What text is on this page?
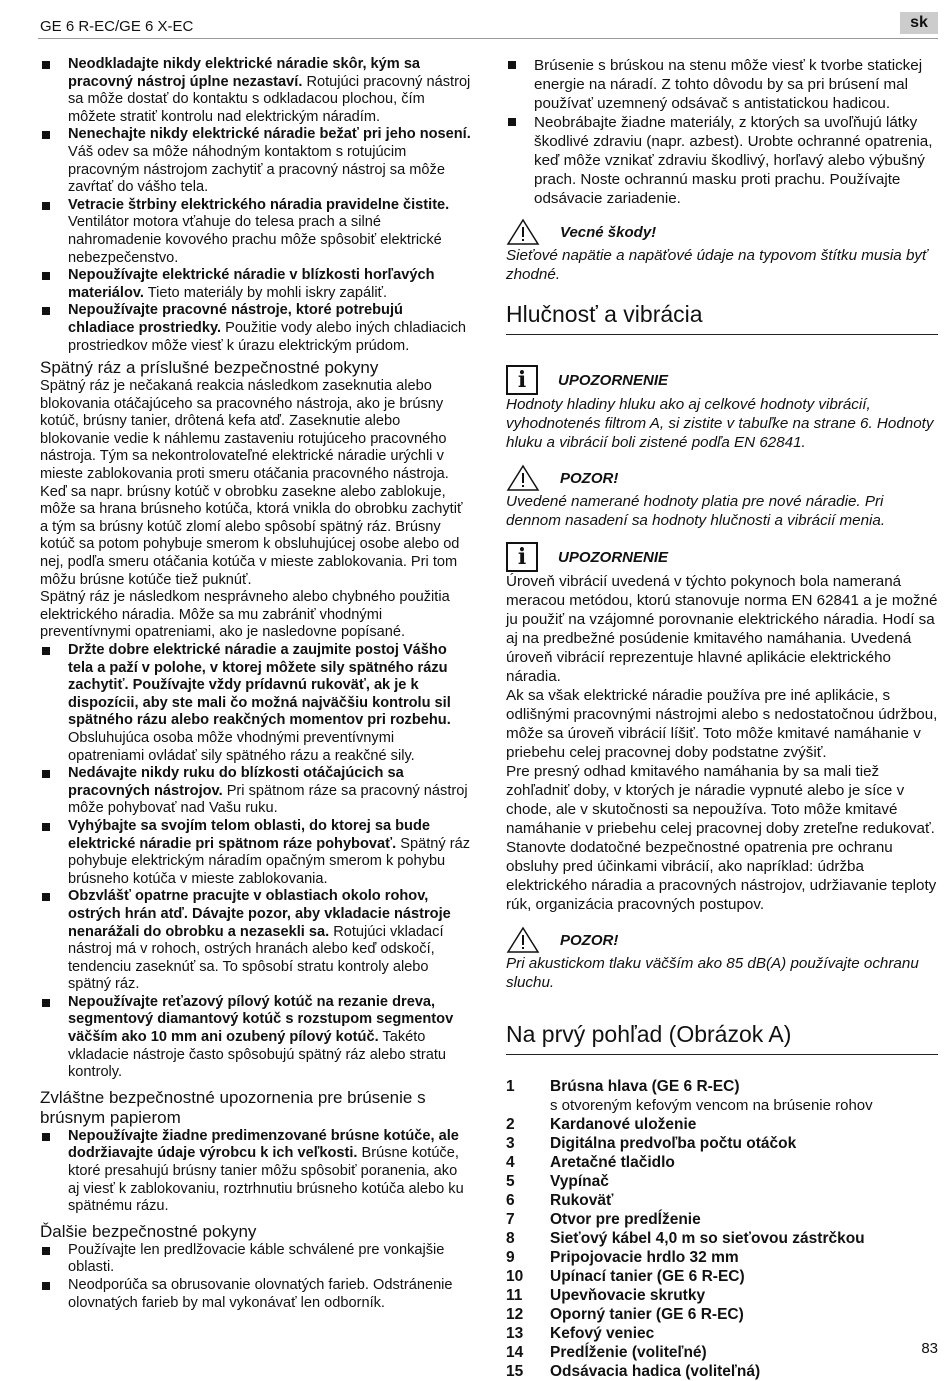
GE 6 R-EC/GE 6 X-EC	sk

Neodkladajte nikdy elektrické náradie skôr, kým sa pracovný nástroj úplne nezastaví. Rotujúci pracovný nástroj sa môže dostať do kontaktu s odkladacou plochou, čím môžete stratiť kontrolu nad elektrickým náradím.

Nenechajte nikdy elektrické náradie bežať pri jeho nosení. Váš odev sa môže náhodným kontaktom s rotujúcim pracovným nástrojom zachytiť a pracovný nástroj sa môže zavŕtať do vášho tela.

Vetracie štrbiny elektrického náradia pravidelne čistite. Ventilátor motora vťahuje do telesa prach a silné nahromadenie kovového prachu môže spôsobiť elektrické nebezpečenstvo.

Nepoužívajte elektrické náradie v blízkosti horľavých materiálov. Tieto materiály by mohli iskry zapáliť.

Nepoužívajte pracovné nástroje, ktoré potrebujú chladiace prostriedky. Použitie vody alebo iných chladiacich prostriedkov môže viesť k úrazu elektrickým prúdom.

Spätný ráz a príslušné bezpečnostné pokyny

Spätný ráz je nečakaná reakcia následkom zaseknutia alebo blokovania otáčajúceho sa pracovného nástroja, ako je brúsny kotúč, brúsny tanier, drôtená kefa atď. Zaseknutie alebo blokovanie vedie k náhlemu zastaveniu rotujúceho pracovného nástroja. Tým sa nekontrolovateľné elektrické náradie urýchli v mieste zablokovania proti smeru otáčania pracovného nástroja.

Keď sa napr. brúsny kotúč v obrobku zasekne alebo zablokuje, môže sa hrana brúsneho kotúča, ktorá vnikla do obrobku zachytiť a tým sa brúsny kotúč zlomí alebo spôsobí spätný ráz. Brúsny kotúč sa potom pohybuje smerom k obsluhujúcej osobe alebo od nej, podľa smeru otáčania kotúča v mieste zablokovania. Pri tom môžu brúsne kotúče tiež puknúť.

Spätný ráz je následkom nesprávneho alebo chybného použitia elektrického náradia. Môže sa mu zabrániť vhodnými preventívnymi opatreniami, ako je nasledovne popísané.

Držte dobre elektrické náradie a zaujmite postoj Vášho tela a paží v polohe, v ktorej môžete sily spätného rázu zachytiť. Používajte vždy prídavnú rukoväť, ak je k dispozícii, aby ste mali čo možná najväčšiu kontrolu sil spätného rázu alebo reakčných momentov pri rozbehu. Obsluhujúca osoba môže vhodnými preventívnymi opatreniami ovládať sily spätného rázu a reakčné sily.

Nedávajte nikdy ruku do blízkosti otáčajúcich sa pracovných nástrojov. Pri spätnom ráze sa pracovný nástroj môže pohybovať nad Vašu ruku.

Vyhýbajte sa svojím telom oblasti, do ktorej sa bude elektrické náradie pri spätnom ráze pohybovať. Spätný ráz pohybuje elektrickým náradím opačným smerom k pohybu brúsneho kotúča v mieste zablokovania.

Obzvlášť opatrne pracujte v oblastiach okolo rohov, ostrých hrán atď. Dávajte pozor, aby vkladacie nástroje nenarážali do obrobku a nezasekli sa. Rotujúci vkladací nástroj má v rohoch, ostrých hranách alebo keď odskočí, tendenciu zaseknúť sa. To spôsobí stratu kontroly alebo spätný ráz.

Nepoužívajte reťazový pílový kotúč na rezanie dreva, segmentový diamantový kotúč s rozstupom segmentov väčším ako 10 mm ani ozubený pílový kotúč. Takéto vkladacie nástroje často spôsobujú spätný ráz alebo stratu kontroly.

Zvláštne bezpečnostné upozornenia pre brúsenie s brúsnym papierom

Nepoužívajte žiadne predimenzované brúsne kotúče, ale dodržiavajte údaje výrobcu k ich veľkosti. Brúsne kotúče, ktoré presahujú brúsny tanier môžu spôsobiť poranenia, ako aj viesť k zablokovaniu, roztrhnutiu brúsneho kotúča alebo ku spätnému rázu.

Ďalšie bezpečnostné pokyny

Používajte len predlžovacie káble schválené pre vonkajšie oblasti.

Neodporúča sa obrusovanie olovnatých farieb. Odstránenie olovnatých farieb by mal vykonávať len odborník.

Brúsenie s brúskou na stenu môže viesť k tvorbe statickej energie na náradí. Z tohto dôvodu by sa pri brúsení mal používať uzemnený odsávač s antistatickou hadicou.

Neobrábajte žiadne materiály, z ktorých sa uvoľňujú látky škodlivé zdraviu (napr. azbest). Urobte ochranné opatrenia, keď môže vznikať zdraviu škodlivý, horľavý alebo výbušný prach. Noste ochrannú masku proti prachu. Používajte odsávacie zariadenie.

Vecné škody!

Sieťové napätie a napäťové údaje na typovom štítku musia byť zhodné.

Hlučnosť a vibrácia
i	UPOZORNENIE

Hodnoty hladiny hluku ako aj celkové hodnoty vibrácií, vyhodnotenés filtrom A, si zistite v tabuľke na strane 6. Hodnoty hluku a vibrácií boli zistené podľa EN 62841.

POZOR!

Uvedené namerané hodnoty platia pre nové náradie. Pri dennom nasadení sa hodnoty hlučnosti a vibrácií menia.

i	UPOZORNENIE

Úroveň vibrácií uvedená v týchto pokynoch bola nameraná meracou metódou, ktorú stanovuje norma EN 62841 a je možné ju použiť na vzájomné porovnanie elektrického náradia. Hodí sa aj na predbežné posúdenie kmitavého namáhania. Uvedená úroveň vibrácií reprezentuje hlavné aplikácie elektrického náradia.

Ak sa však elektrické náradie používa pre iné aplikácie, s odlišnými pracovnými nástrojmi alebo s nedostatočnou údržbou, môže sa úroveň vibrácií líšiť. Toto môže kmitavé namáhanie v priebehu celej pracovnej doby podstatne zvýšiť.

Pre presný odhad kmitavého namáhania by sa mali tiež zohľadniť doby, v ktorých je náradie vypnuté alebo je síce v chode, ale v skutočnosti sa nepoužíva. Toto môže kmitavé namáhanie v priebehu celej pracovnej doby zreteľne redukovať.

Stanovte dodatočné bezpečnostné opatrenia pre ochranu obsluhy pred účinkami vibrácií, ako napríklad: údržba elektrického náradia a pracovných nástrojov, udržiavanie teploty rúk, organizácia pracovných postupov.

POZOR!

Pri akustickom tlaku väčším ako 85 dB(A) používajte ochranu sluchu.

Na prvý pohľad (Obrázok A)
1	Brúsna hlava (GE 6 R-EC)
s otvoreným kefovým vencom na brúsenie rohov
2	Kardanové uloženie
3	Digitálna predvoľba počtu otáčok
4	Aretačné tlačidlo
5	Vypínač
6	Rukoväť
7	Otvor pre predĺženie
8	Sieťový kábel 4,0 m so sieťovou zástrčkou
9	Pripojovacie hrdlo 32 mm
10	Upínací tanier (GE 6 R-EC)
11	Upevňovacie skrutky
12	Oporný tanier (GE 6 R-EC)
13	Kefový veniec
14	Predĺženie (voliteľné)
15	Odsávacia hadica (voliteľná)
83
